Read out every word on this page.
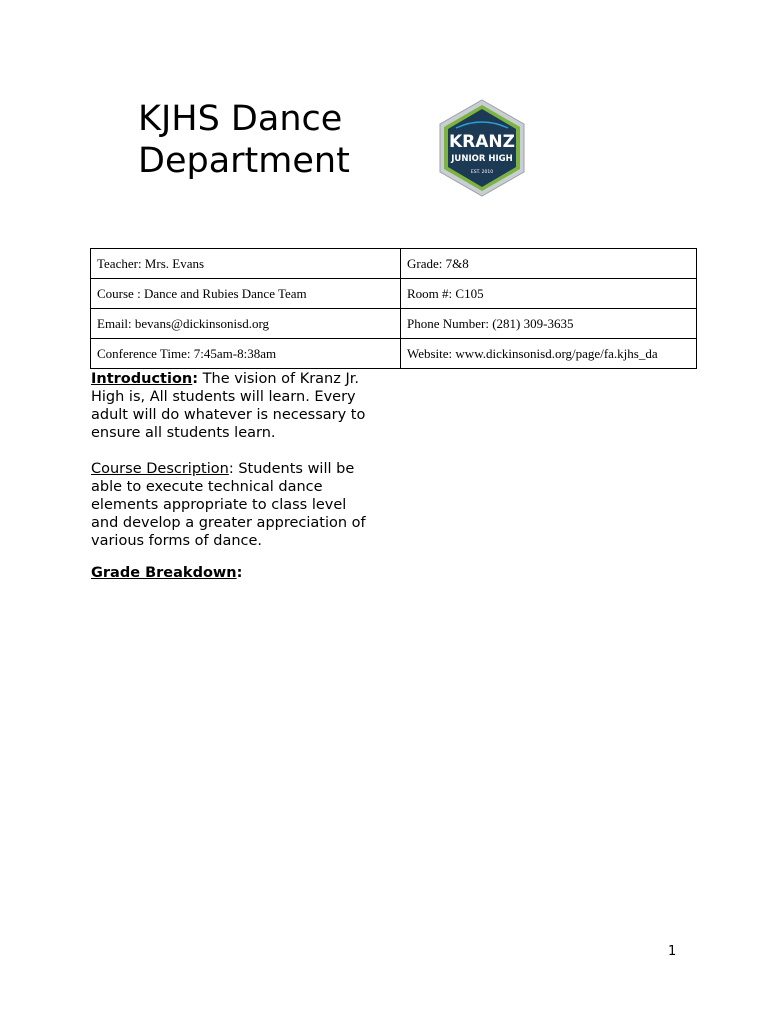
KJHS Dance
Department	KRANZ
JUNIOR HIGH
EST. 2010
Teacher: Mrs. Evans	Grade: 7&8
Course : Dance and Rubies Dance Team	Room #: C105
Email: bevans@dickinsonisd.org	Phone Number: (281) 309-3635
Conference Time: 7:45am-8:38am	Website: www.dickinsonisd.org/page/fa.kjhs_da

Introduction: The vision of Kranz Jr. High is, All students will learn. Every adult will do whatever is necessary to ensure all students learn.

Course Description: Students will be able to execute technical dance elements appropriate to class level and develop a greater appreciation of various forms of dance.

Grade Breakdown:

1
